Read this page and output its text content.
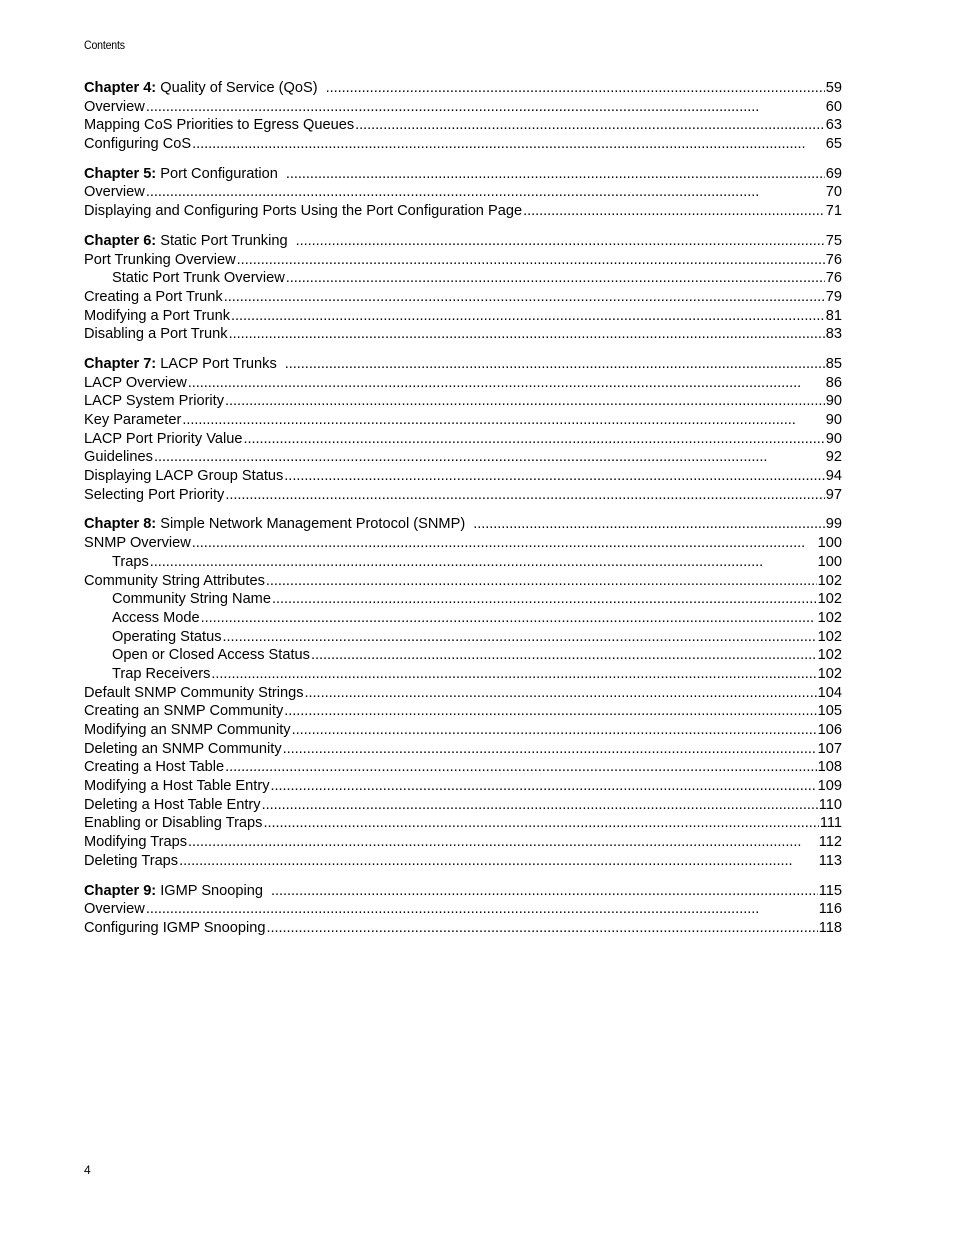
Contents
Chapter 4: Quality of Service (QoS) . . .	59
Overview . . .	60
Mapping CoS Priorities to Egress Queues . . .	63
Configuring CoS . . .	65
Chapter 5: Port Configuration . . .	69
Overview . . .	70
Displaying and Configuring Ports Using the Port Configuration Page . . .	71
Chapter 6: Static Port Trunking . . .	75
Port Trunking Overview . . .	76
Static Port Trunk Overview . . .	76
Creating a Port Trunk . . .	79
Modifying a Port Trunk . . .	81
Disabling a Port Trunk . . .	83
Chapter 7: LACP Port Trunks . . .	85
LACP Overview . . .	86
LACP System Priority . . .	90
Key Parameter . . .	90
LACP Port Priority Value . . .	90
Guidelines . . .	92
Displaying LACP Group Status . . .	94
Selecting Port Priority . . .	97
Chapter 8: Simple Network Management Protocol (SNMP) . . .	99
SNMP Overview . . .	100
Traps . . .	100
Community String Attributes . . .	102
Community String Name . . .	102
Access Mode . . .	102
Operating Status . . .	102
Open or Closed Access Status . . .	102
Trap Receivers . . .	102
Default SNMP Community Strings . . .	104
Creating an SNMP Community . . .	105
Modifying an SNMP Community . . .	106
Deleting an SNMP Community . . .	107
Creating a Host Table . . .	108
Modifying a Host Table Entry . . .	109
Deleting a Host Table Entry . . .	110
Enabling or Disabling Traps . . .	111
Modifying Traps . . .	112
Deleting Traps . . .	113
Chapter 9: IGMP Snooping . . .	115
Overview . . .	116
Configuring IGMP Snooping . . .	118
4
